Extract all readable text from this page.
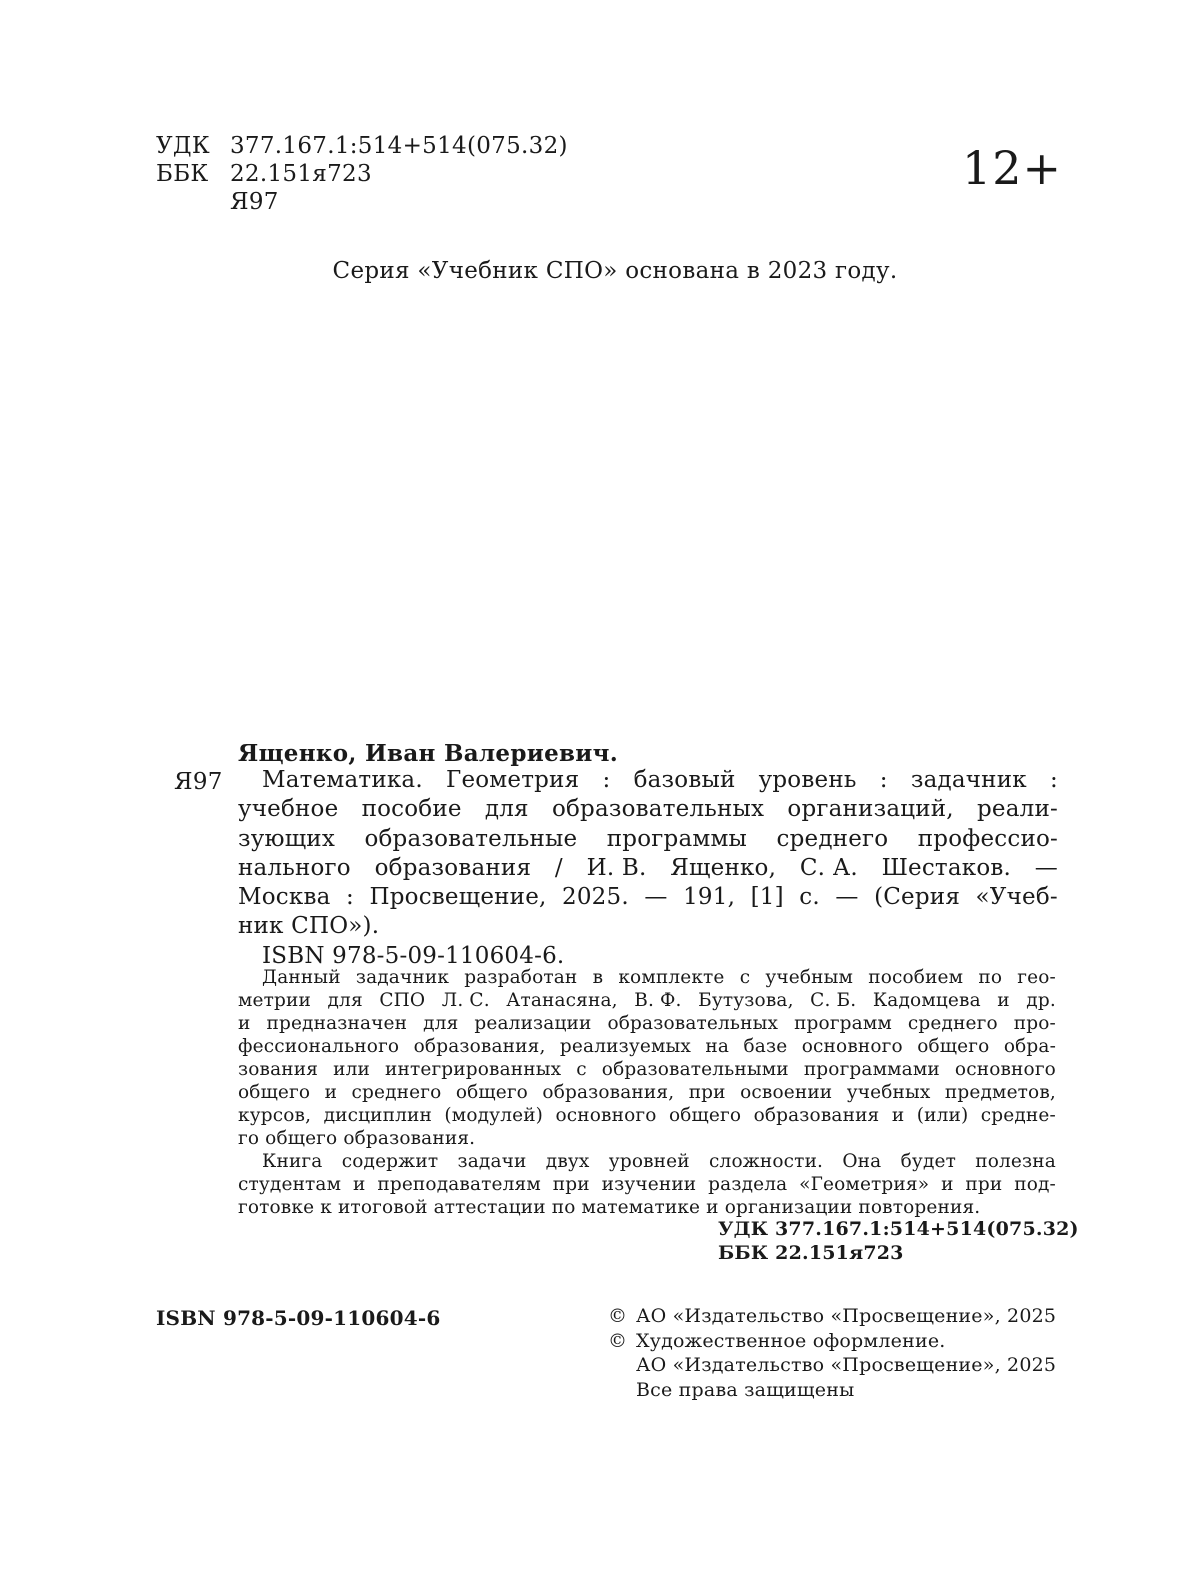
УДК 377.167.1:514+514(075.32)
ББК 22.151я723
Я97
12+
Серия «Учебник СПО» основана в 2023 году.
Ященко, Иван Валериевич.
Я97 Математика. Геометрия : базовый уровень : задачник :
учебное пособие для образовательных организаций, реали-
зующих образовательные программы среднего профессио-
нального образования / И. В. Ященко, С. А. Шестаков. —
Москва : Просвещение, 2025. — 191, [1] с. — (Серия «Учеб-
ник СПО»).
ISBN 978-5-09-110604-6.
Данный задачник разработан в комплекте с учебным пособием по гео-
метрии для СПО Л. С. Атанасяна, В. Ф. Бутузова, С. Б. Кадомцева и др.
и предназначен для реализации образовательных программ среднего про-
фессионального образования, реализуемых на базе основного общего обра-
зования или интегрированных с образовательными программами основного
общего и среднего общего образования, при освоении учебных предметов,
курсов, дисциплин (модулей) основного общего образования и (или) средне-
го общего образования.
Книга содержит задачи двух уровней сложности. Она будет полезна
студентам и преподавателям при изучении раздела «Геометрия» и при под-
готовке к итоговой аттестации по математике и организации повторения.
УДК 377.167.1:514+514(075.32)
ББК 22.151я723
ISBN 978-5-09-110604-6	© АО «Издательство «Просвещение», 2025
© Художественное оформление.
АО «Издательство «Просвещение», 2025
Все права защищены
